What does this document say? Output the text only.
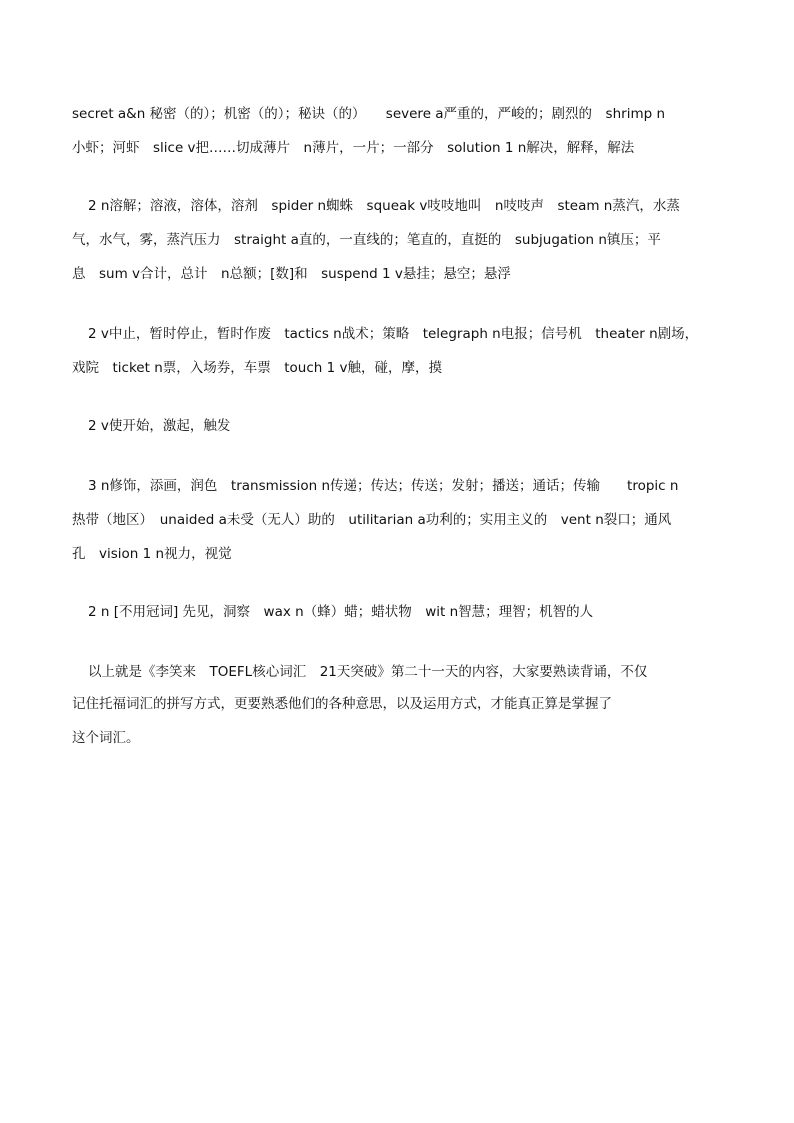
secret a&n 秘密（的）；机密（的）；秘诀（的）　　severe a严重的，严峻的；剧烈的　shrimp n
小虾；河虾　slice v把……切成薄片　n薄片，一片；一部分　solution 1 n解决，解释，解法
2 n溶解；溶液，溶体，溶剂　spider n蜘蛛　squeak v吱吱地叫　n吱吱声　steam n蒸汽，水蒸
气，水气，雾，蒸汽压力　straight a直的，一直线的；笔直的，直挺的　subjugation n镇压；平
息　sum v合计，总计　n总额；[数]和　suspend 1 v悬挂；悬空；悬浮
2 v中止，暂时停止，暂时作废　tactics n战术；策略　telegraph n电报；信号机　theater n剧场，
戏院　ticket n票，入场券，车票　touch 1 v触，碰，摩，摸
2 v使开始，激起，触发
3 n修饰，添画，润色　transmission n传递；传达；传送；发射；播送；通话；传输　　tropic n
热带（地区）　unaided a未受（无人）助的　utilitarian a功利的；实用主义的　vent n裂口；通风
孔　vision 1 n视力，视觉
2 n [不用冠词] 先见，洞察　wax n（蜂）蜡；蜡状物　wit n智慧；理智；机智的人
以上就是《李笑来　TOEFL核心词汇　21天突破》第二十一天的内容，大家要熟读背诵，不仅
记住托福词汇的拼写方式，更要熟悉他们的各种意思，以及运用方式，才能真正算是掌握了
这个词汇。
